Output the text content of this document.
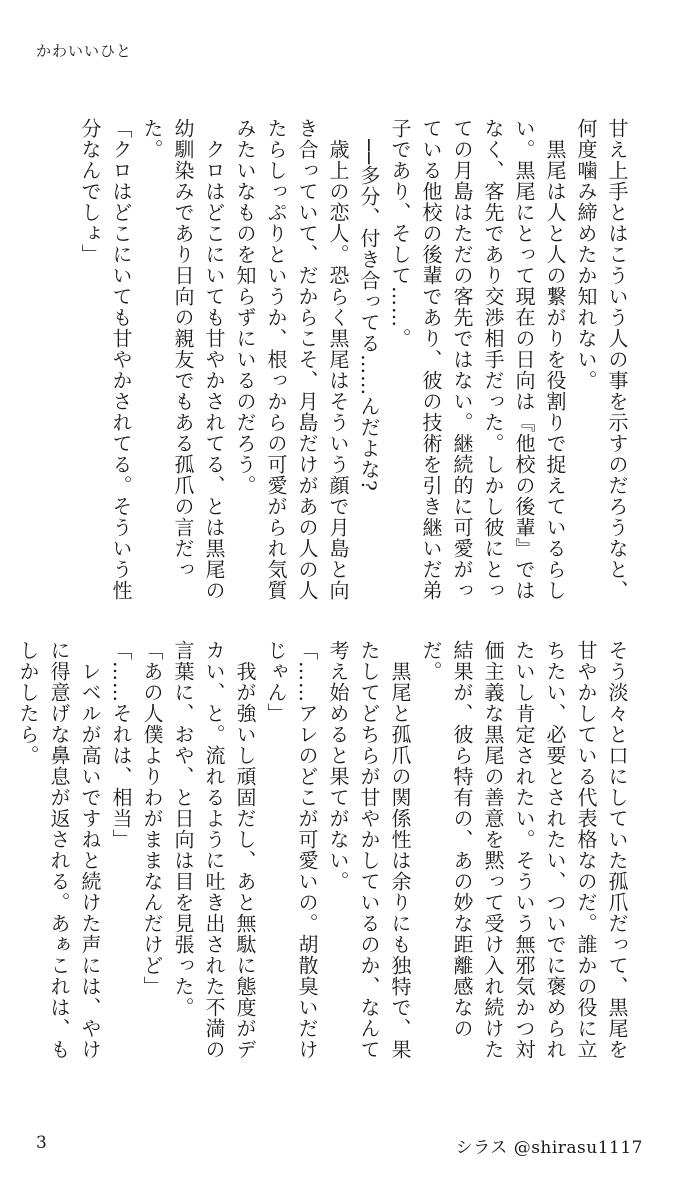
かわいいひと

甘え上手とはこういう人の事を示すのだろうなと、何度噛み締めたか知れない。

　黒尾は人と人の繋がりを役割りで捉えているらしい。黒尾にとって現在の日向は『他校の後輩』ではなく、客先であり交渉相手だった。しかし彼にとっての月島はただの客先ではない。継続的に可愛がっている他校の後輩であり、彼の技術を引き継いだ弟子であり、そして……。

　──多分、付き合ってる……んだよな?

　歳上の恋人。恐らく黒尾はそういう顔で月島と向き合っていて、だからこそ、月島だけがあの人の人たらしっぷりというか、根っからの可愛がられ気質みたいなものを知らずにいるのだろう。

　クロはどこにいても甘やかされてる、とは黒尾の幼馴染みであり日向の親友でもある孤爪の言だった。

「クロはどこにいても甘やかされてる。そういう性分なんでしょ」

そう淡々と口にしていた孤爪だって、黒尾を甘やかしている代表格なのだ。誰かの役に立ちたい、必要とされたい、ついでに褒められたいし肯定されたい。そういう無邪気かつ対価主義な黒尾の善意を黙って受け入れ続けた結果が、彼ら特有の、あの妙な距離感なのだ。

　黒尾と孤爪の関係性は余りにも独特で、果たしてどちらが甘やかしているのか、なんて考え始めると果てがない。

「……アレのどこが可愛いの。胡散臭いだけじゃん」

　我が強いし頑固だし、あと無駄に態度がデカい、と。流れるように吐き出された不満の言葉に、おや、と日向は目を見張った。

「あの人僕よりわがままなんだけど」

「……それは、相当」

　レベルが高いですねと続けた声には、やけに得意げな鼻息が返される。あぁこれは、もしかしたら。

3	シラス @shirasu1117
